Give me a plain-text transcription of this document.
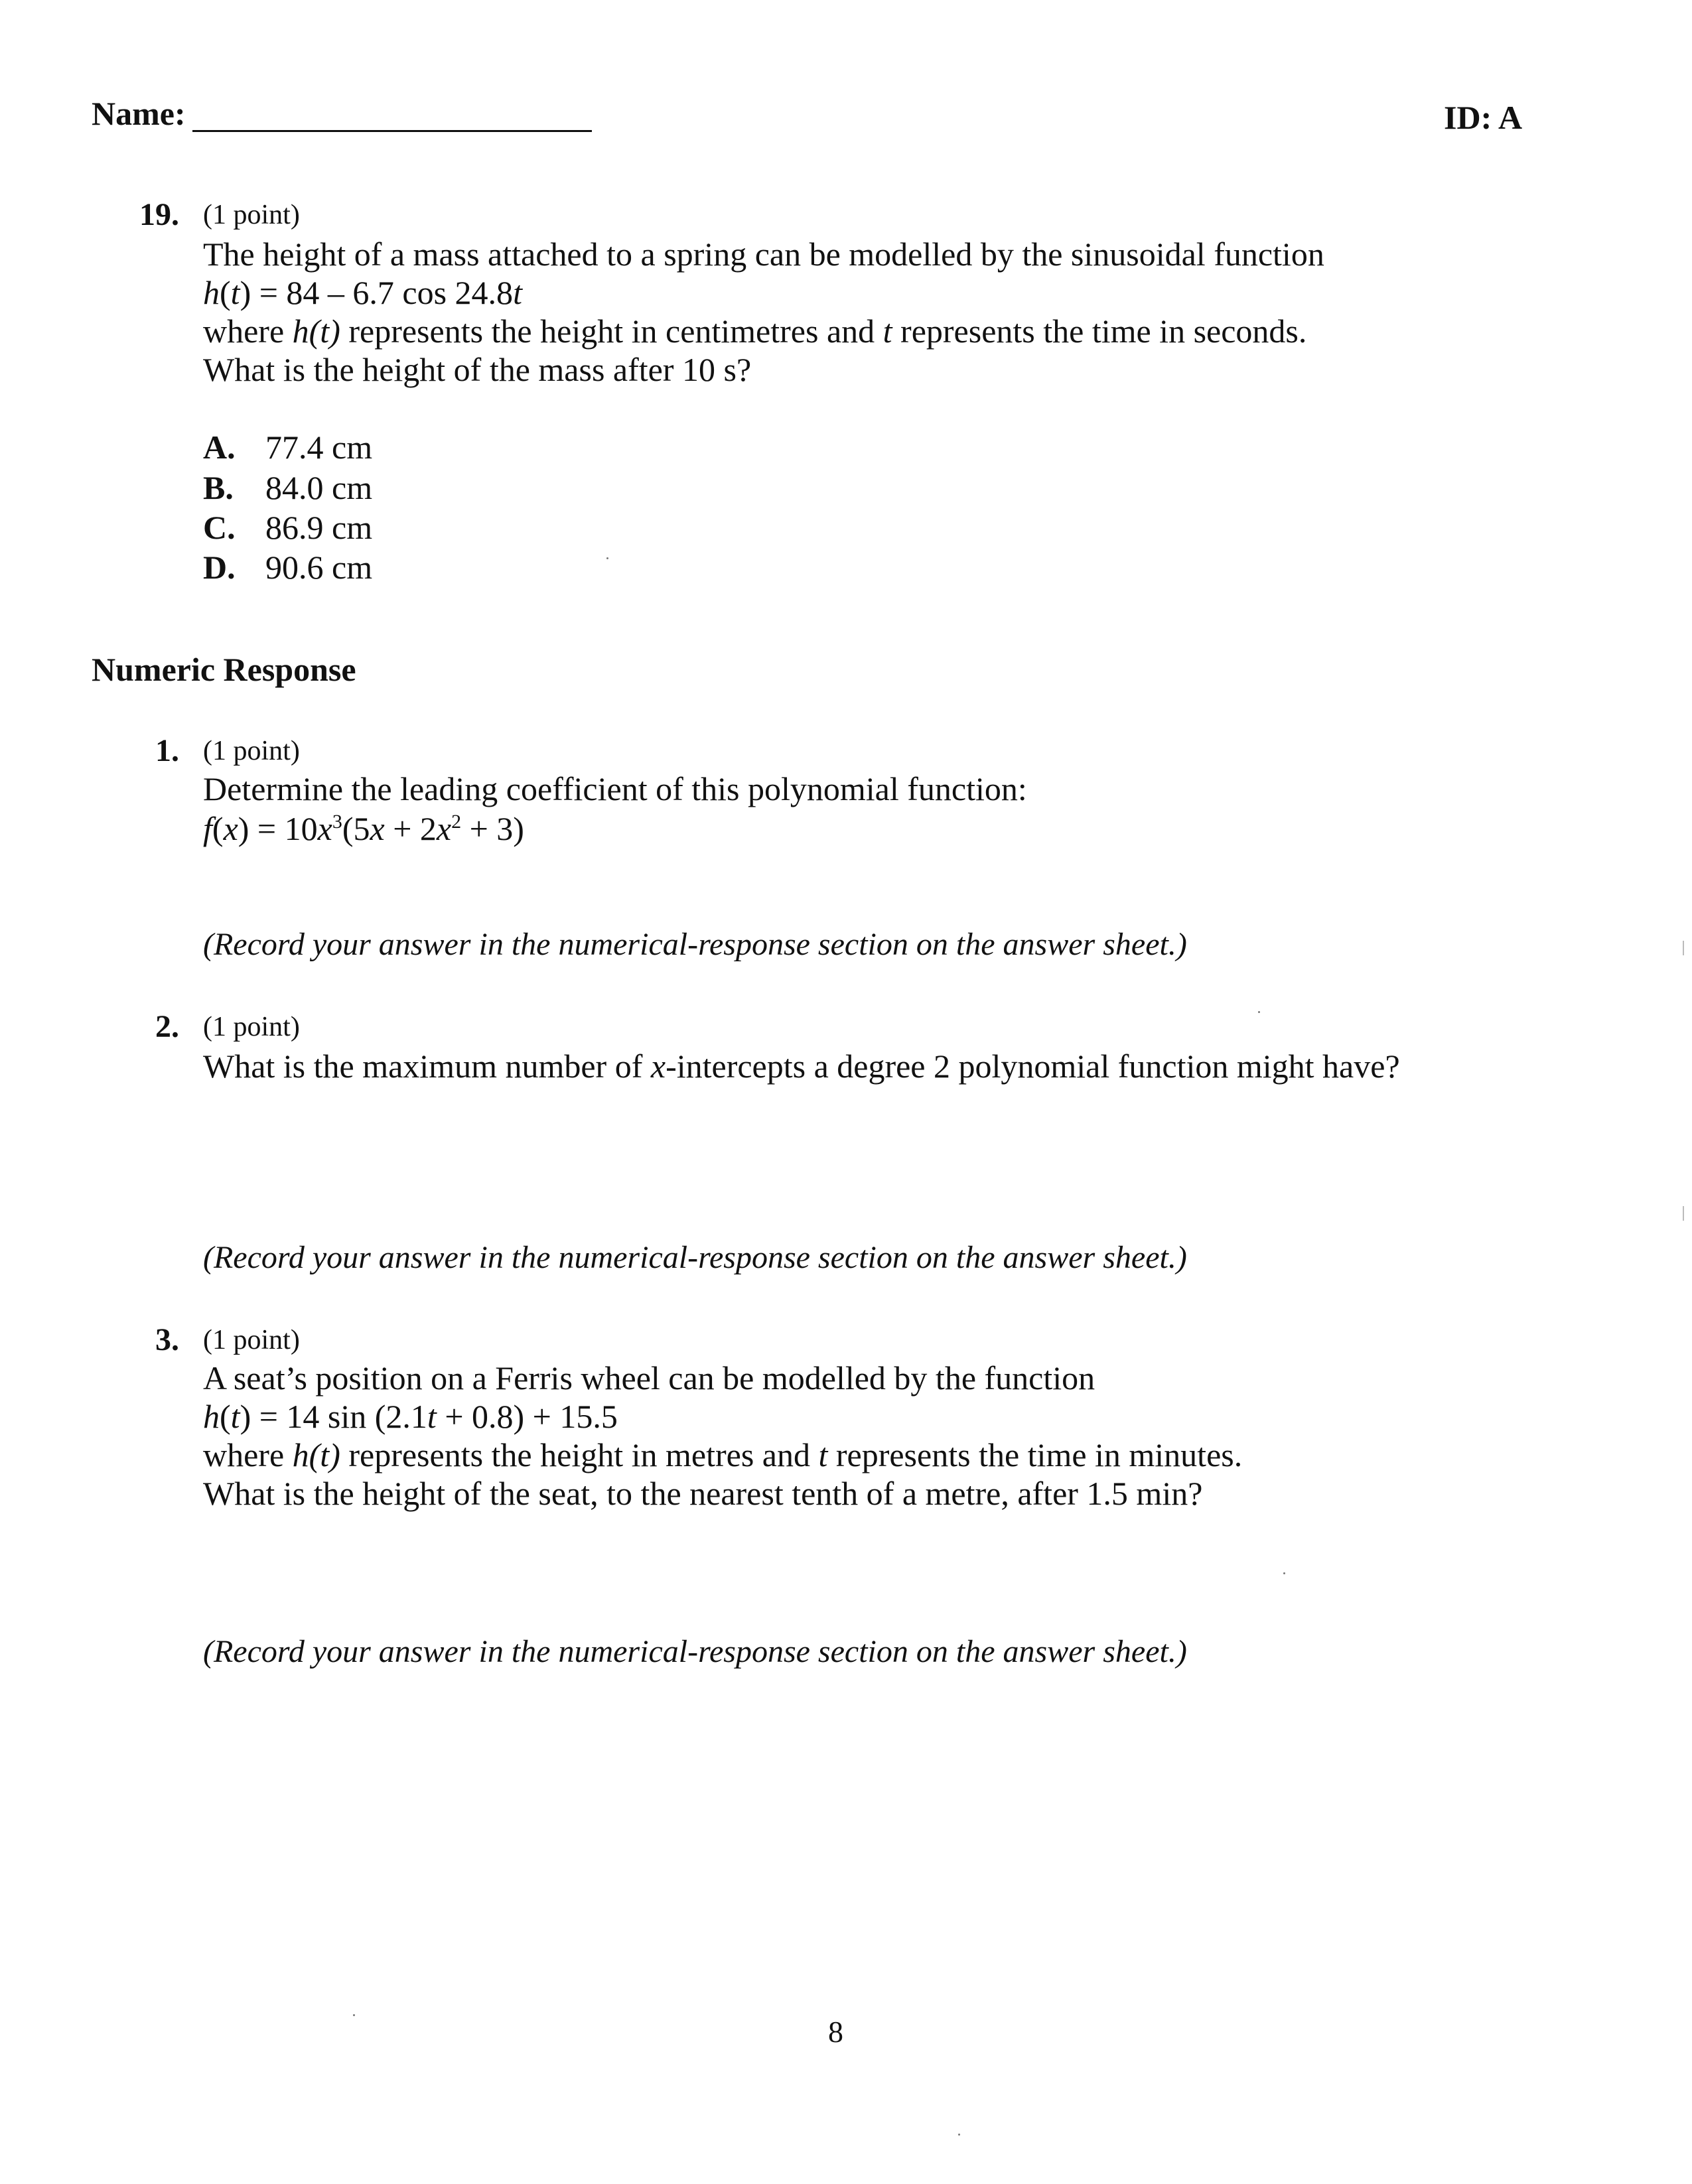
Name:	ID: A
19. (1 point)
The height of a mass attached to a spring can be modelled by the sinusoidal function
h(t) = 84 – 6.7 cos 24.8t
where h(t) represents the height in centimetres and t represents the time in seconds.
What is the height of the mass after 10 s?
A. 77.4 cm
B. 84.0 cm
C. 86.9 cm
D. 90.6 cm
Numeric Response
1. (1 point)
Determine the leading coefficient of this polynomial function:
$f(x) = 10x^3(5x + 2x^2 + 3)$
(Record your answer in the numerical-response section on the answer sheet.)
2. (1 point)
What is the maximum number of x-intercepts a degree 2 polynomial function might have?
(Record your answer in the numerical-response section on the answer sheet.)
3. (1 point)
A seat’s position on a Ferris wheel can be modelled by the function
h(t) = 14 sin (2.1t + 0.8) + 15.5
where h(t) represents the height in metres and t represents the time in minutes.
What is the height of the seat, to the nearest tenth of a metre, after 1.5 min?
(Record your answer in the numerical-response section on the answer sheet.)
8
